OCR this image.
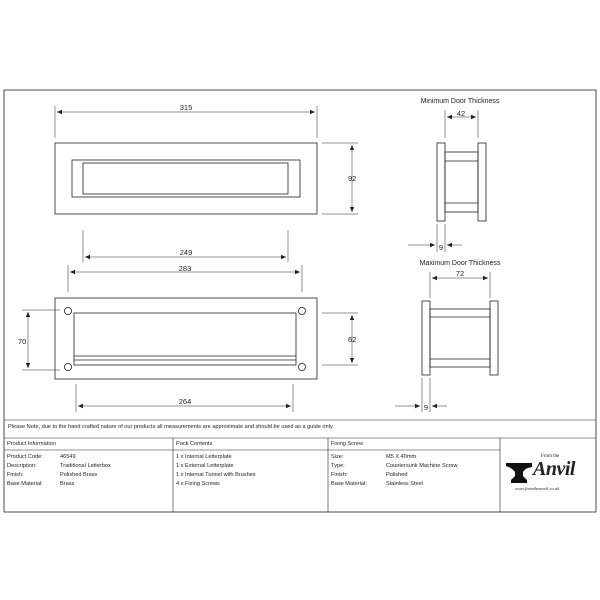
315
92
249
283
70	62
264
Minimum Door Thickness
42
9
Maximum Door Thickness
72
9
Please Note, due to the hand crafted nature of our products all measurements are approximate and should be used as a guide only.
Product Information
Product Code:	46549
Description:	Traditional Letterbox
Finish:	Polished Brass
Base Material:	Brass
Pack Contents
1 x Internal Letterplate
1 x External Letterplate
1 x Internal Tunnel with Brushes
4 x Fixing Screws
Fixing Screw
Size:	M5 X 40mm
Type:	Countersunk Machine Screw
Finish:	Polished
Base Material:	Stainless Steel
From the
Anvil
www.fromtheanvil.co.uk
